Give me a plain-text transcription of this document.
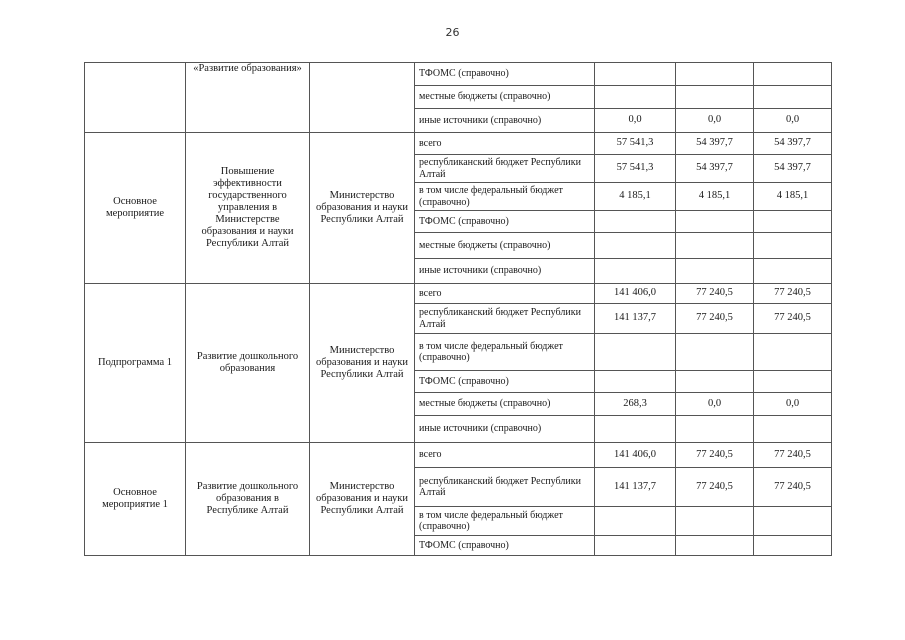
26
	«Развитие образования»		ТФОМС (справочно)			
			местные бюджеты (справочно)			
			иные источники (справочно)	0,0	0,0	0,0
Основное мероприятие	Повышение эффективности государственного управления в Министерстве образования и науки Республики Алтай	Министерство образования и науки Республики Алтай	всего	57 541,3	54 397,7	54 397,7
			республиканский бюджет Республики Алтай	57 541,3	54 397,7	54 397,7
			в том числе федеральный бюджет (справочно)	4 185,1	4 185,1	4 185,1
			ТФОМС (справочно)			
			местные бюджеты (справочно)			
			иные источники (справочно)			
Подпрограмма 1	Развитие дошкольного образования	Министерство образования и науки Республики Алтай	всего	141 406,0	77 240,5	77 240,5
			республиканский бюджет Республики Алтай	141 137,7	77 240,5	77 240,5
			в том числе федеральный бюджет (справочно)			
			ТФОМС (справочно)			
			местные бюджеты (справочно)	268,3	0,0	0,0
			иные источники (справочно)			
Основное мероприятие 1	Развитие дошкольного образования в Республике Алтай	Министерство образования и науки Республики Алтай	всего	141 406,0	77 240,5	77 240,5
			республиканский бюджет Республики Алтай	141 137,7	77 240,5	77 240,5
			в том числе федеральный бюджет (справочно)			
			ТФОМС (справочно)			
